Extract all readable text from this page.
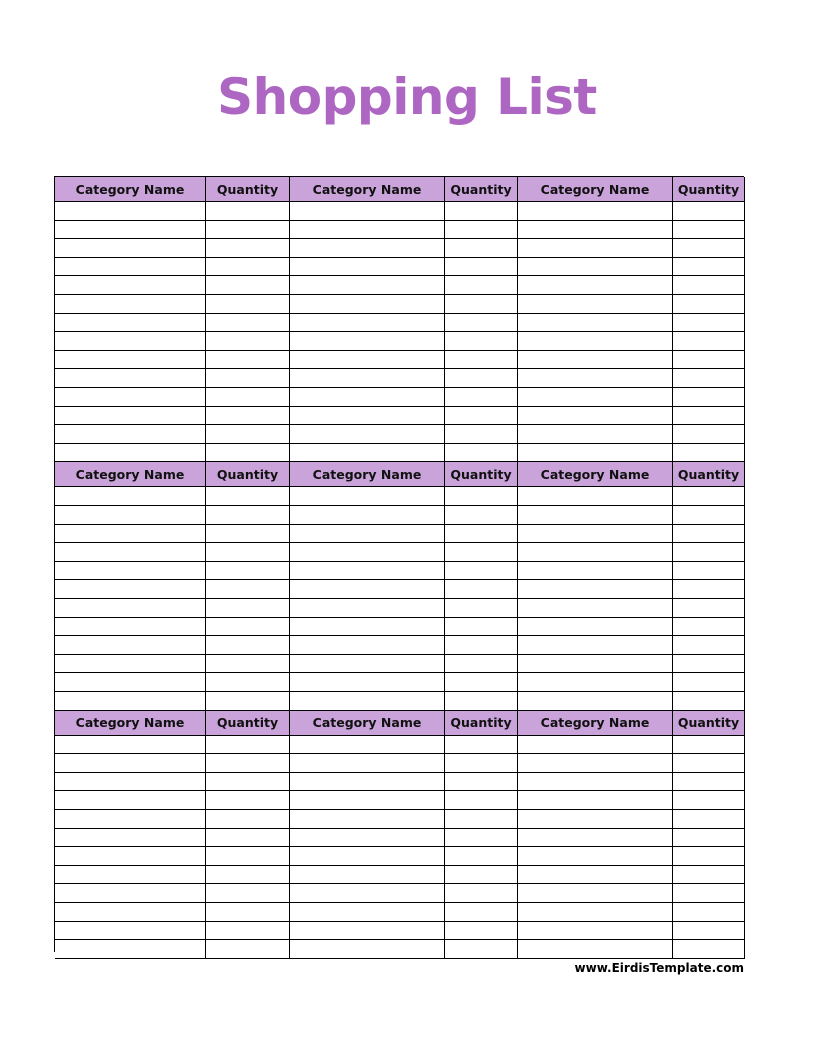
Shopping List
Category Name	Quantity	Category Name	Quantity	Category Name	Quantity
Category Name	Quantity	Category Name	Quantity	Category Name	Quantity
Category Name	Quantity	Category Name	Quantity	Category Name	Quantity
www.EirdisTemplate.com
